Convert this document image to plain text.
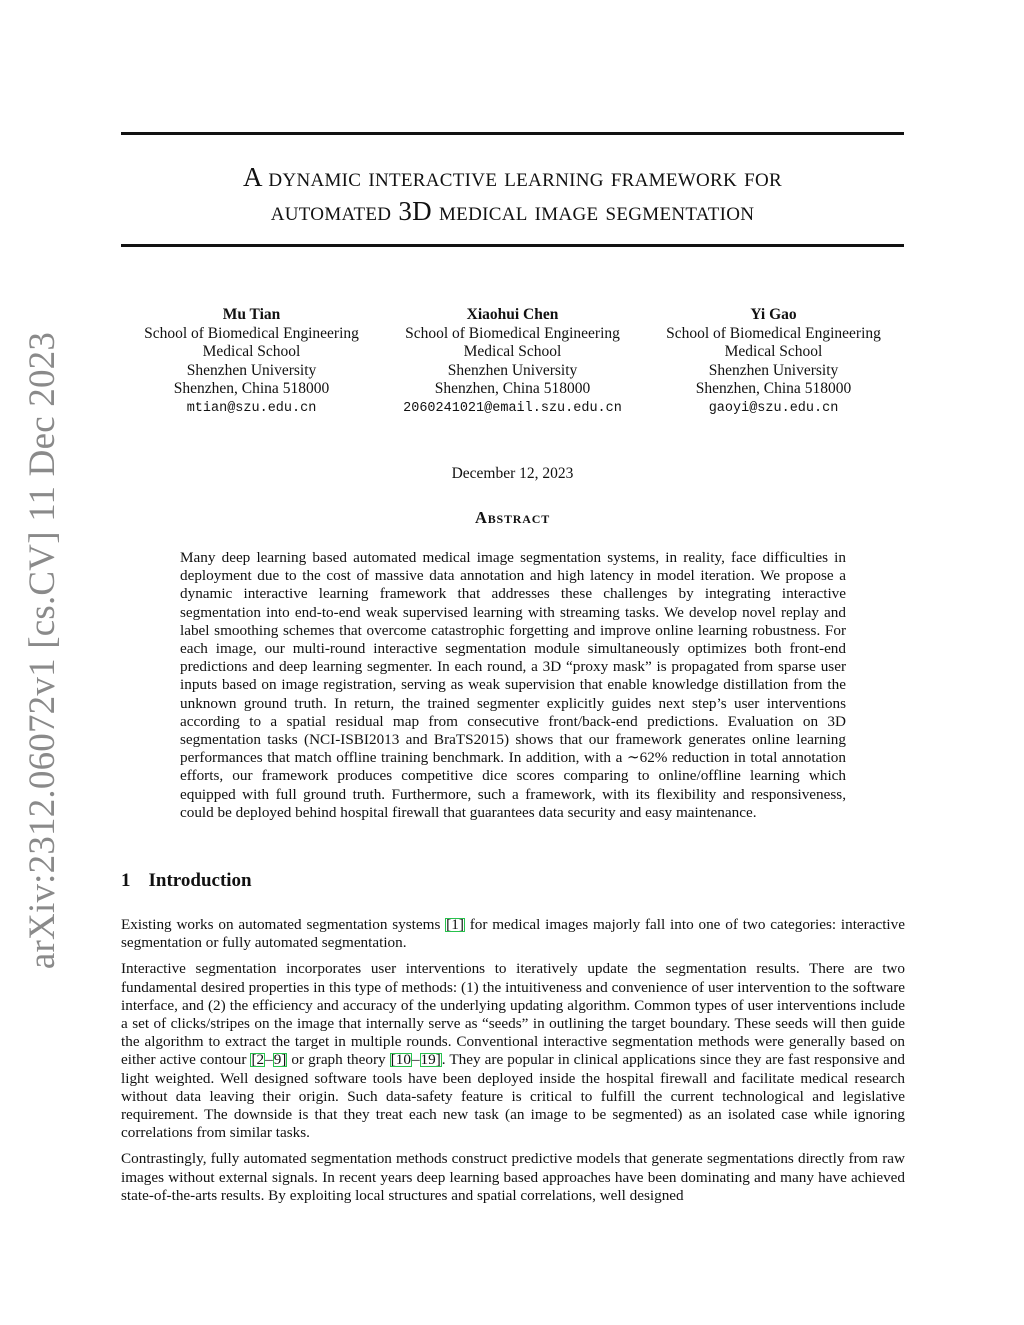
arXiv:2312.06072v1 [cs.CV] 11 Dec 2023
A dynamic interactive learning framework for
automated 3D medical image segmentation
Mu Tian
School of Biomedical Engineering
Medical School
Shenzhen University
Shenzhen, China 518000
mtian@szu.edu.cn
Xiaohui Chen
School of Biomedical Engineering
Medical School
Shenzhen University
Shenzhen, China 518000
2060241021@email.szu.edu.cn
Yi Gao
School of Biomedical Engineering
Medical School
Shenzhen University
Shenzhen, China 518000
gaoyi@szu.edu.cn
December 12, 2023
Abstract
Many deep learning based automated medical image segmentation systems, in reality, face difficulties in deployment due to the cost of massive data annotation and high latency in model iteration. We propose a dynamic interactive learning framework that addresses these challenges by integrating interactive segmentation into end-to-end weak supervised learning with streaming tasks. We develop novel replay and label smoothing schemes that overcome catastrophic forgetting and improve online learning robustness. For each image, our multi-round interactive segmentation module simultaneously optimizes both front-end predictions and deep learning segmenter. In each round, a 3D “proxy mask” is propagated from sparse user inputs based on image registration, serving as weak supervision that enable knowledge distillation from the unknown ground truth. In return, the trained segmenter explicitly guides next step’s user interventions according to a spatial residual map from consecutive front/back-end predictions. Evaluation on 3D segmentation tasks (NCI-ISBI2013 and BraTS2015) shows that our framework generates online learning performances that match offline training benchmark. In addition, with a ∼62% reduction in total annotation efforts, our framework produces competitive dice scores comparing to online/offline learning which equipped with full ground truth. Furthermore, such a framework, with its flexibility and responsiveness, could be deployed behind hospital firewall that guarantees data security and easy maintenance.
1 Introduction

Existing works on automated segmentation systems [1] for medical images majorly fall into one of two categories: interactive segmentation or fully automated segmentation.

Interactive segmentation incorporates user interventions to iteratively update the segmentation results. There are two fundamental desired properties in this type of methods: (1) the intuitiveness and convenience of user intervention to the software interface, and (2) the efficiency and accuracy of the underlying updating algorithm. Common types of user interventions include a set of clicks/stripes on the image that internally serve as “seeds” in outlining the target boundary. These seeds will then guide the algorithm to extract the target in multiple rounds. Conventional interactive segmentation methods were generally based on either active contour [2–9] or graph theory [10–19]. They are popular in clinical applications since they are fast responsive and light weighted. Well designed software tools have been deployed inside the hospital firewall and facilitate medical research without data leaving their origin. Such data-safety feature is critical to fulfill the current technological and legislative requirement. The downside is that they treat each new task (an image to be segmented) as an isolated case while ignoring correlations from similar tasks.

Contrastingly, fully automated segmentation methods construct predictive models that generate segmentations directly from raw images without external signals. In recent years deep learning based approaches have been dominating and many have achieved state-of-the-arts results. By exploiting local structures and spatial correlations, well designed
